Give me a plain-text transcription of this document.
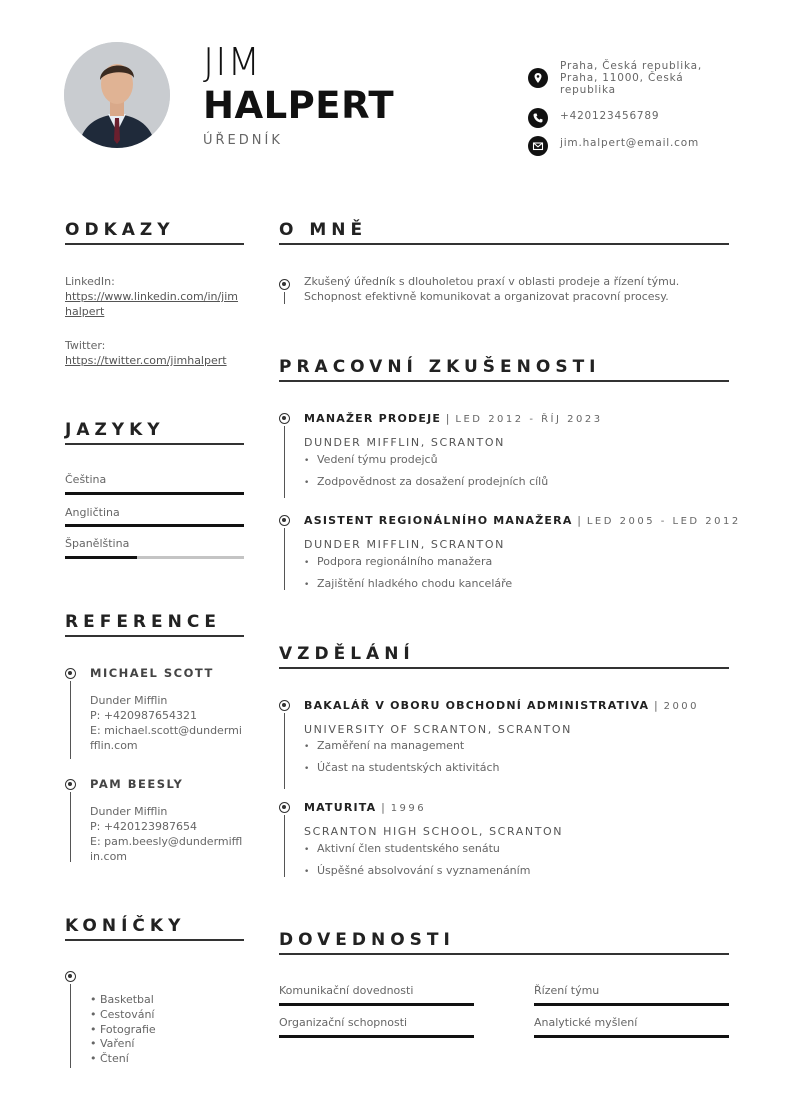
JIM
HALPERT
ÚŘEDNÍK
Praha, Česká republika, Praha, 11000, Česká republika
+420123456789
jim.halpert@email.com
ODKAZY
LinkedIn:
https://www.linkedin.com/in/jimhalpert
Twitter:
https://twitter.com/jimhalpert
JAZYKY
Čeština
Angličtina
Španělština
REFERENCE
MICHAEL SCOTT
Dunder Mifflin
P: +420987654321
E: michael.scott@dundermifflin.com
PAM BEESLY
Dunder Mifflin
P: +420123987654
E: pam.beesly@dundermifflin.com
KONÍČKY
• Basketbal
• Cestování
• Fotografie
• Vaření
• Čtení
O MNĚ
Zkušený úředník s dlouholetou praxí v oblasti prodeje a řízení týmu. Schopnost efektivně komunikovat a organizovat pracovní procesy.
PRACOVNÍ ZKUŠENOSTI
MANAŽER PRODEJE | LED 2012 - ŘÍJ 2023
DUNDER MIFFLIN, SCRANTON
• Vedení týmu prodejců
• Zodpovědnost za dosažení prodejních cílů
ASISTENT REGIONÁLNÍHO MANAŽERA | LED 2005 - LED 2012
DUNDER MIFFLIN, SCRANTON
• Podpora regionálního manažera
• Zajištění hladkého chodu kanceláře
VZDĚLÁNÍ
BAKALÁŘ V OBORU OBCHODNÍ ADMINISTRATIVA | 2000
UNIVERSITY OF SCRANTON, SCRANTON
• Zaměření na management
• Účast na studentských aktivitách
MATURITA | 1996
SCRANTON HIGH SCHOOL, SCRANTON
• Aktivní člen studentského senátu
• Úspěšné absolvování s vyznamenáním
DOVEDNOSTI
Komunikační dovednosti	Řízení týmu
Organizační schopnosti	Analytické myšlení
